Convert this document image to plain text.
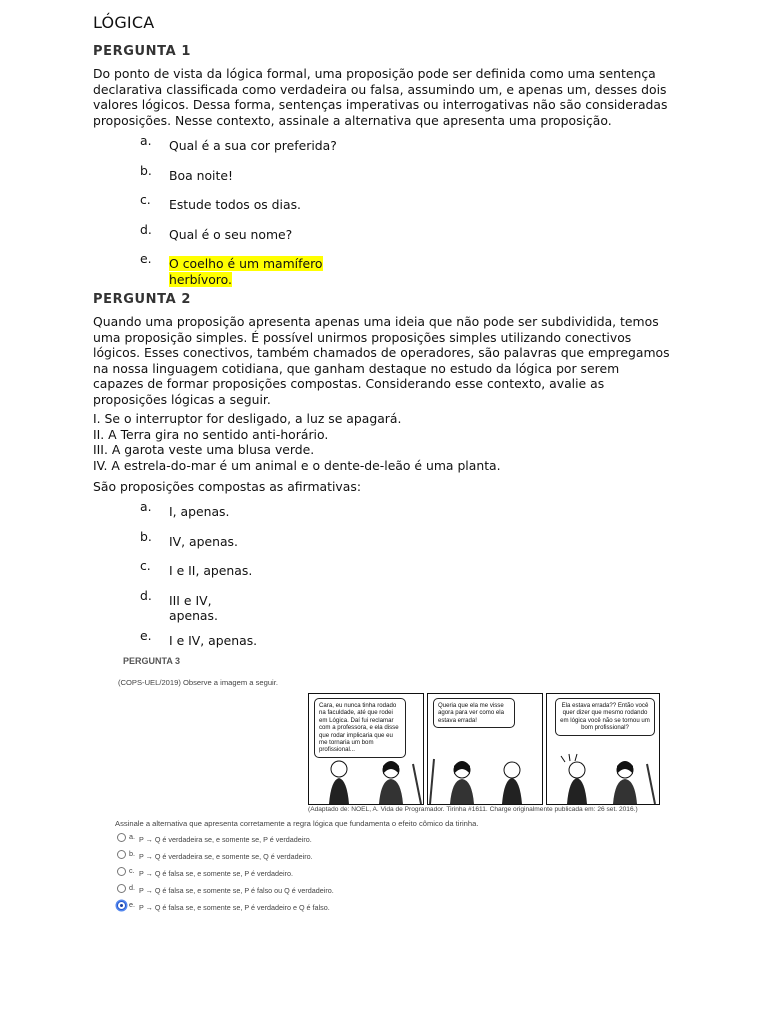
LÓGICA
PERGUNTA 1
Do ponto de vista da lógica formal, uma proposição pode ser definida como uma sentença declarativa classificada como verdadeira ou falsa, assumindo um, e apenas um, desses dois valores lógicos. Dessa forma, sentenças imperativas ou interrogativas não são consideradas proposições. Nesse contexto, assinale a alternativa que apresenta uma proposição.
a.	Qual é a sua cor preferida?
b.	Boa noite!
c.	Estude todos os dias.
d.	Qual é o seu nome?
e.	O coelho é um mamífero
herbívoro.
PERGUNTA 2
Quando uma proposição apresenta apenas uma ideia que não pode ser subdividida, temos uma proposição simples. É possível unirmos proposições simples utilizando conectivos lógicos. Esses conectivos, também chamados de operadores, são palavras que empregamos na nossa linguagem cotidiana, que ganham destaque no estudo da lógica por serem capazes de formar proposições compostas. Considerando esse contexto, avalie as proposições lógicas a seguir.
I. Se o interruptor for desligado, a luz se apagará.
II. A Terra gira no sentido anti-horário.
III. A garota veste uma blusa verde.
IV. A estrela-do-mar é um animal e o dente-de-leão é uma planta.
São proposições compostas as afirmativas:
a.	I, apenas.
b.	IV, apenas.
c.	I e II, apenas.
d.	III e IV,
apenas.
e.	I e IV, apenas.
PERGUNTA 3
(COPS-UEL/2019) Observe a imagem a seguir.
Cara, eu nunca tinha rodado na faculdade, até que rodei em Lógica. Daí fui reclamar com a professora, e ela disse que rodar implicaria que eu me tornaria um bom profissional...
Queria que ela me visse agora para ver como ela estava errada!
Ela estava errada?? Então você quer dizer que mesmo rodando em lógica você não se tornou um bom profissional?
(Adaptado de: NOEL, A. Vida de Programador. Tirinha #1611. Charge originalmente publicada em: 26 set. 2016.)
Assinale a alternativa que apresenta corretamente a regra lógica que fundamenta o efeito cômico da tirinha.
a. P → Q é verdadeira se, e somente se, P é verdadeiro.
b. P → Q é verdadeira se, e somente se, Q é verdadeiro.
c. P → Q é falsa se, e somente se, P é verdadeiro.
d. P → Q é falsa se, e somente se, P é falso ou Q é verdadeiro.
e. P → Q é falsa se, e somente se, P é verdadeiro e Q é falso.
